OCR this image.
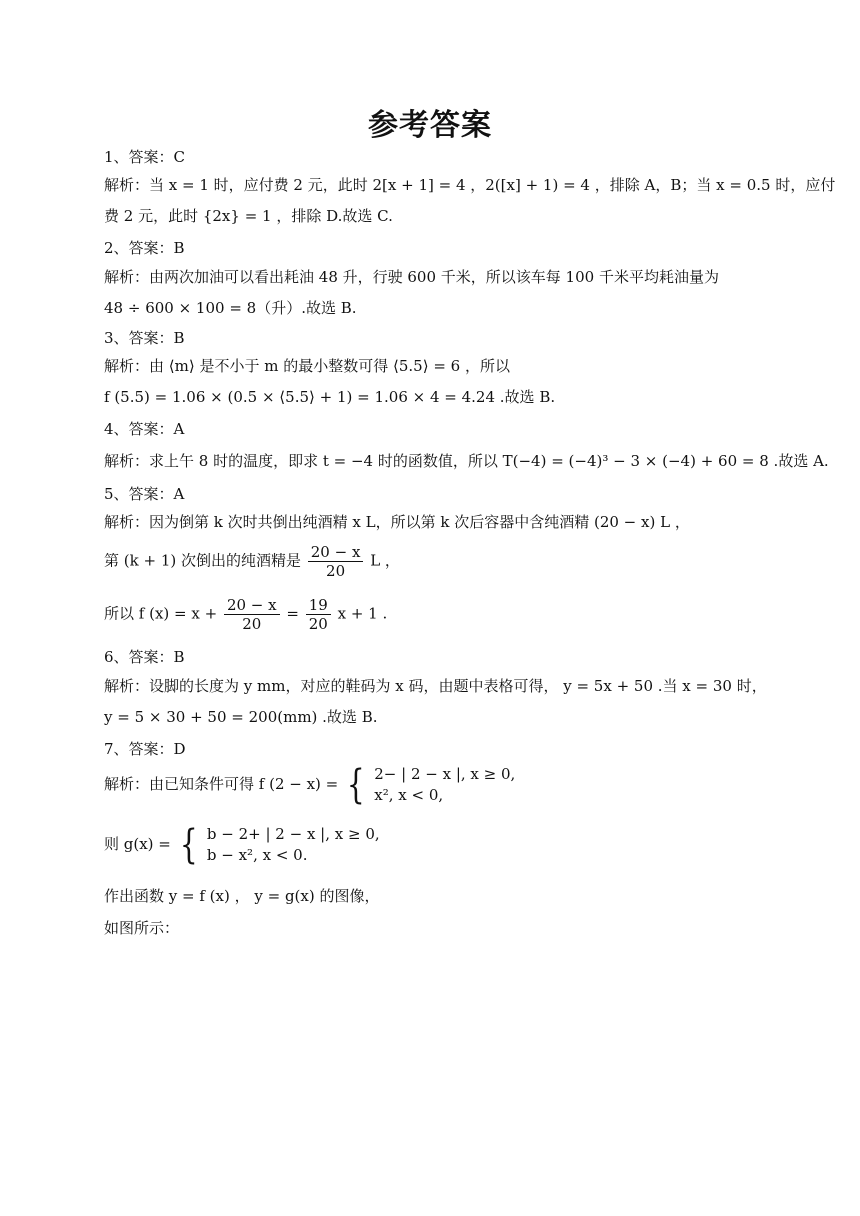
参考答案
1、答案：C
解析：当 x = 1 时，应付费 2 元，此时 2[x + 1] = 4 ，2([x] + 1) = 4 ，排除 A，B；当 x = 0.5 时，应付
费 2 元，此时 {2x} = 1 ，排除 D.故选 C.
2、答案：B
解析：由两次加油可以看出耗油 48 升，行驶 600 千米，所以该车每 100 千米平均耗油量为
48 ÷ 600 × 100 = 8（升）.故选 B.
3、答案：B
解析：由 ⟨m⟩ 是不小于 m 的最小整数可得 ⟨5.5⟩ = 6 ，所以
f (5.5) = 1.06 × (0.5 × ⟨5.5⟩ + 1) = 1.06 × 4 = 4.24 .故选 B.
4、答案：A
解析：求上午 8 时的温度，即求 t = −4 时的函数值，所以 T(−4) = (−4)³ − 3 × (−4) + 60 = 8 .故选 A.
5、答案：A
解析：因为倒第 k 次时共倒出纯酒精 x L，所以第 k 次后容器中含纯酒精 (20 − x) L ，
第 (k + 1) 次倒出的纯酒精是 $\frac{20 - x}{20}$ L ，
所以 f $(x) = x + \frac{20 - x}{20} = \frac{19}{20}$ x + 1 .
6、答案：B
解析：设脚的长度为 y mm，对应的鞋码为 x 码，由题中表格可得， y = 5x + 50 .当 x = 30 时，
y = 5 × 30 + 50 = 200(mm) .故选 B.
7、答案：D
解析：由已知条件可得 f (2 − x) = { 2− | 2 − x |, x ≥ 0,
x², x < 0,
则 g(x) = { b − 2+ | 2 − x |, x ≥ 0,
b − x², x < 0.
作出函数 y = f (x) ， y = g(x) 的图像，
如图所示：
